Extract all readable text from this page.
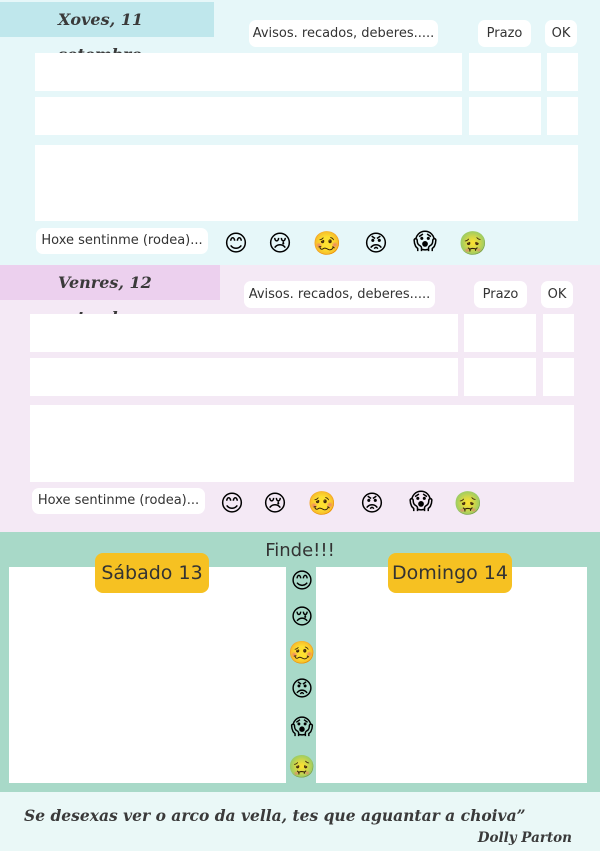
Xoves, 11
Avisos. recados, deberes.....	Prazo	OK
Hoxe sentinme (rodea)... 😊 😢 🥴 😡 😱 🤢
Venres, 12
Avisos. recados, deberes.....	Prazo	OK
Hoxe sentinme (rodea)... 😊 😢 🥴 😡 😱 🤢
Finde!!!
Sábado 13	Domingo 14
😊
😢
🥴
😡
😱
🤢
Se desexas ver o arco da vella, tes que aguantar a choiva”
Dolly Parton
